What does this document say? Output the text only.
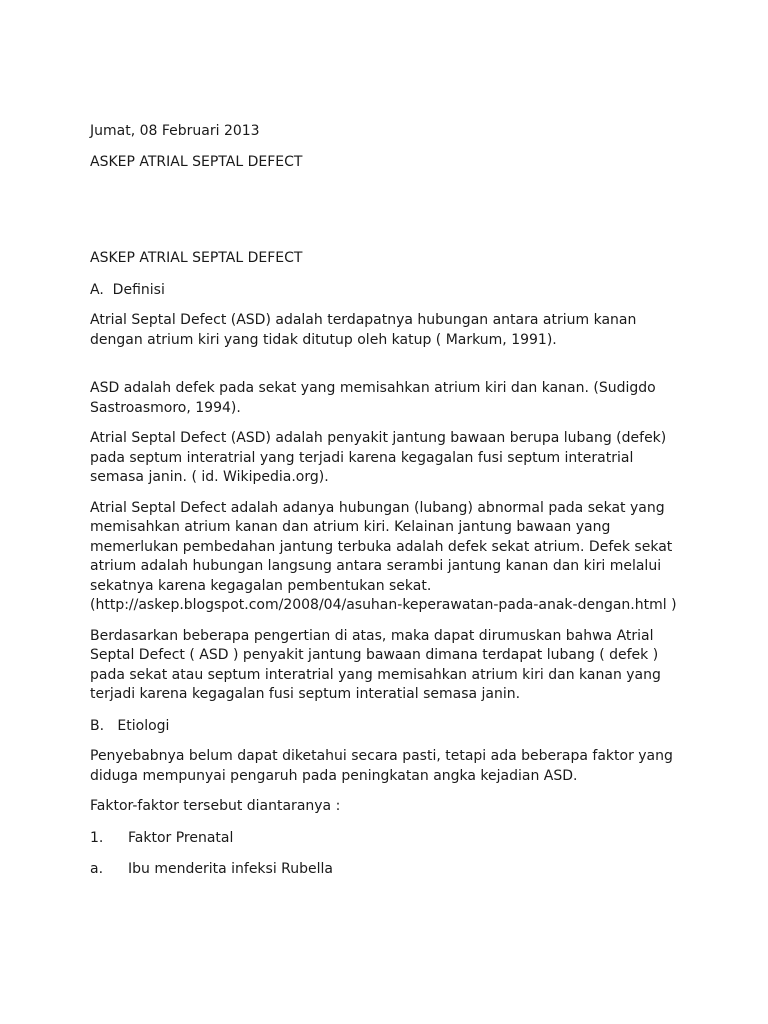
Jumat, 08 Februari 2013

ASKEP ATRIAL SEPTAL DEFECT

ASKEP ATRIAL SEPTAL DEFECT

A.  Definisi

Atrial Septal Defect (ASD) adalah terdapatnya hubungan antara atrium kanan dengan atrium kiri yang tidak ditutup oleh katup ( Markum, 1991).

ASD adalah defek pada sekat yang memisahkan atrium kiri dan kanan. (Sudigdo Sastroasmoro, 1994).

Atrial Septal Defect (ASD) adalah penyakit jantung bawaan berupa lubang (defek) pada septum interatrial yang terjadi karena kegagalan fusi septum interatrial semasa janin. ( id. Wikipedia.org).

Atrial Septal Defect adalah adanya hubungan (lubang) abnormal pada sekat yang memisahkan atrium kanan dan atrium kiri. Kelainan jantung bawaan yang memerlukan pembedahan jantung terbuka adalah defek sekat atrium. Defek sekat atrium adalah hubungan langsung antara serambi jantung kanan dan kiri melalui sekatnya karena kegagalan pembentukan sekat. (http://askep.blogspot.com/2008/04/asuhan-keperawatan-pada-anak-dengan.html )

Berdasarkan beberapa pengertian di atas, maka dapat dirumuskan bahwa Atrial Septal Defect ( ASD ) penyakit jantung bawaan dimana terdapat lubang ( defek ) pada sekat atau septum interatrial yang memisahkan atrium kiri dan kanan yang terjadi karena kegagalan fusi septum interatial semasa janin.

B.   Etiologi

Penyebabnya belum dapat diketahui secara pasti, tetapi ada beberapa faktor yang diduga mempunyai pengaruh pada peningkatan angka kejadian ASD.

Faktor-faktor tersebut diantaranya :

1.	Faktor Prenatal
a.	Ibu menderita infeksi Rubella
